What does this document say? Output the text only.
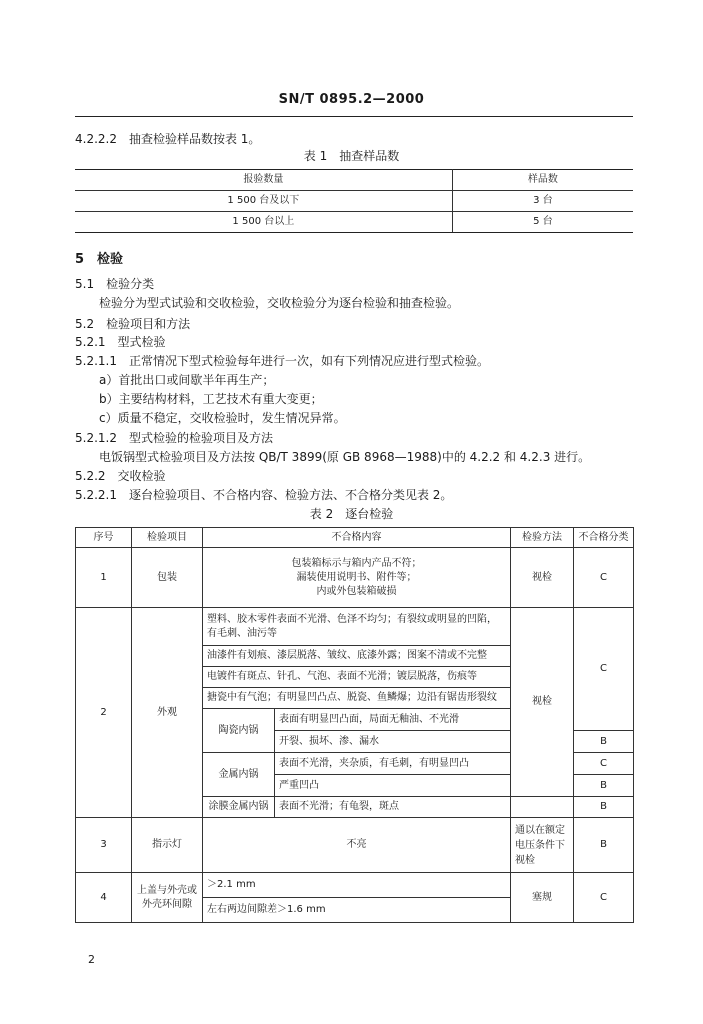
SN/T 0895.2—2000
4.2.2.2　抽查检验样品数按表 1。
表 1　抽查样品数
报验数量	样品数
1 500 台及以下	3 台
1 500 台以上	5 台
5　检验
5.1　检验分类
检验分为型式试验和交收检验，交收检验分为逐台检验和抽查检验。
5.2　检验项目和方法
5.2.1　型式检验
5.2.1.1　正常情况下型式检验每年进行一次，如有下列情况应进行型式检验。
a）首批出口或间歇半年再生产；
b）主要结构材料，工艺技术有重大变更；
c）质量不稳定，交收检验时，发生情况异常。
5.2.1.2　型式检验的检验项目及方法
电饭锅型式检验项目及方法按 QB/T 3899(原 GB 8968—1988)中的 4.2.2 和 4.2.3 进行。
5.2.2　交收检验
5.2.2.1　逐台检验项目、不合格内容、检验方法、不合格分类见表 2。
表 2　逐台检验
序号	检验项目	不合格内容		检验方法	不合格分类
1	包装	包装箱标示与箱内产品不符；
漏装使用说明书、附件等；
内或外包装箱破损		视检	C
2	外观	塑料、胶木零件表面不光滑、色泽不均匀；有裂纹或明显的凹陷，有毛刺、油污等		视检	C
		油漆件有划痕、漆层脱落、皱纹、底漆外露；图案不清或不完整			
		电镀件有斑点、针孔、气泡、表面不光滑；镀层脱落，伤痕等			
		搪瓷中有气泡；有明显凹凸点、脱瓷、鱼鳞爆；边沿有锯齿形裂纹			
		陶瓷内锅	表面有明显凹凸面，局面无釉油、不光滑		
			开裂、损坏、渗、漏水		B
		金属内锅	表面不光滑，夹杂质，有毛刺，有明显凹凸		C
			严重凹凸		B
		涂膜金属内锅	表面不光滑；有龟裂，斑点		B
3	指示灯	不亮		通以在额定电压条件下视检	B
4	上盖与外壳或外壳环间隙	＞2.1 mm		塞规	C
		左右两边间隙差＞1.6 mm			
2
